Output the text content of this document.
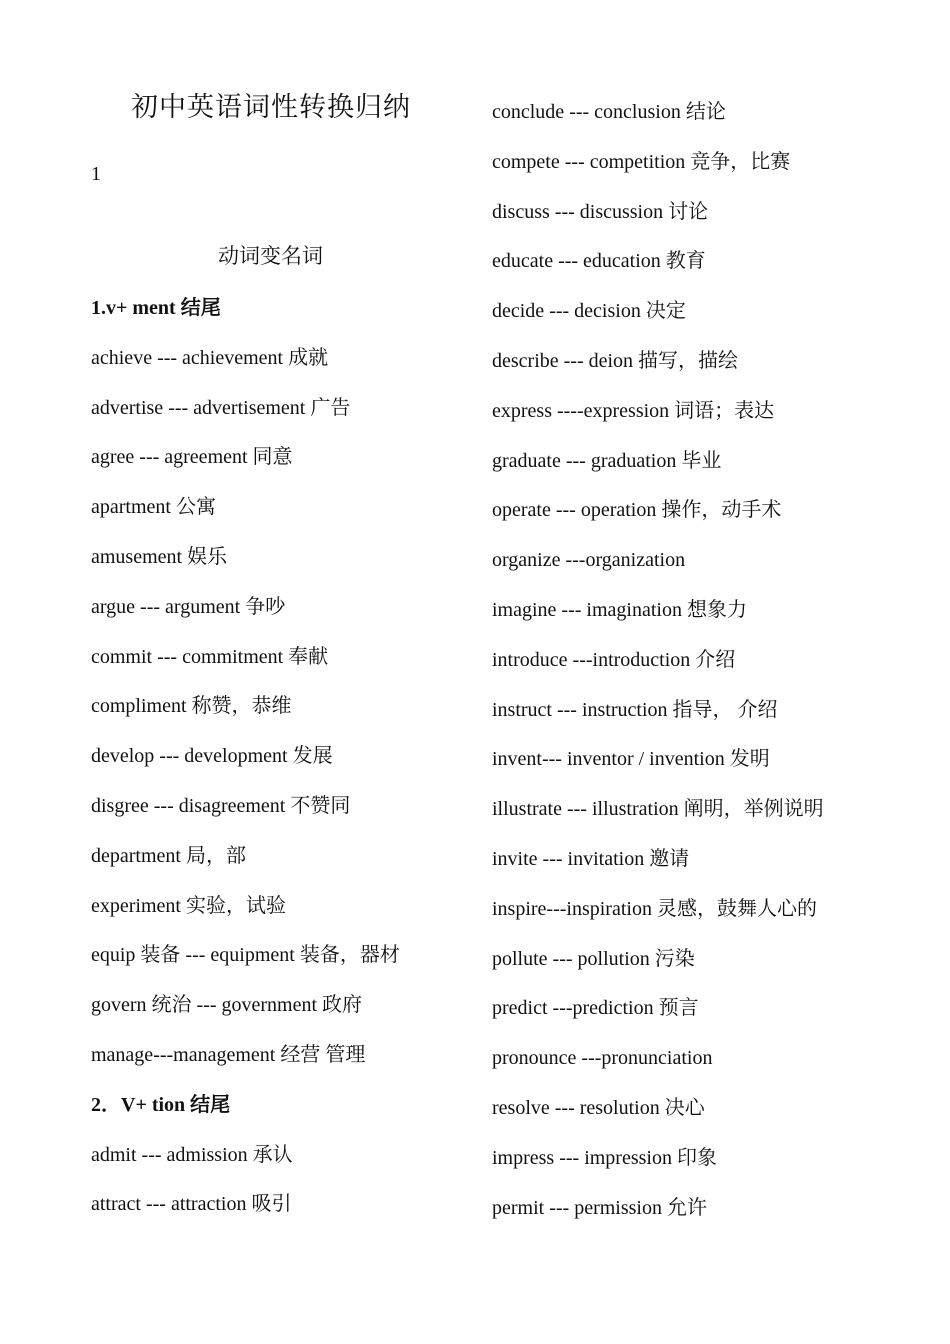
初中英语词性转换归纳
1
动词变名词
1.v+ ment 结尾
achieve --- achievement 成就
advertise --- advertisement 广告
agree --- agreement 同意
apartment 公寓
amusement 娱乐
argue --- argument 争吵
commit --- commitment 奉献
compliment 称赞，恭维
develop --- development 发展
disgree --- disagreement 不赞同
department 局，部
experiment 实验，试验
equip 装备 --- equipment 装备，器材
govern 统治 --- government 政府
manage---management 经营 管理
2．V+ tion 结尾
admit --- admission 承认
attract --- attraction 吸引
conclude --- conclusion 结论
compete --- competition 竞争，比赛
discuss --- discussion 讨论
educate --- education 教育
decide --- decision 决定
describe --- deion 描写，描绘
express ----expression 词语；表达
graduate --- graduation 毕业
operate --- operation 操作，动手术
organize ---organization
imagine --- imagination 想象力
introduce ---introduction 介绍
instruct --- instruction 指导， 介绍
invent--- inventor / invention 发明
illustrate --- illustration 阐明，举例说明
invite --- invitation 邀请
inspire---inspiration 灵感，鼓舞人心的
pollute --- pollution 污染
predict ---prediction 预言
pronounce ---pronunciation
resolve --- resolution 决心
impress --- impression 印象
permit --- permission 允许
